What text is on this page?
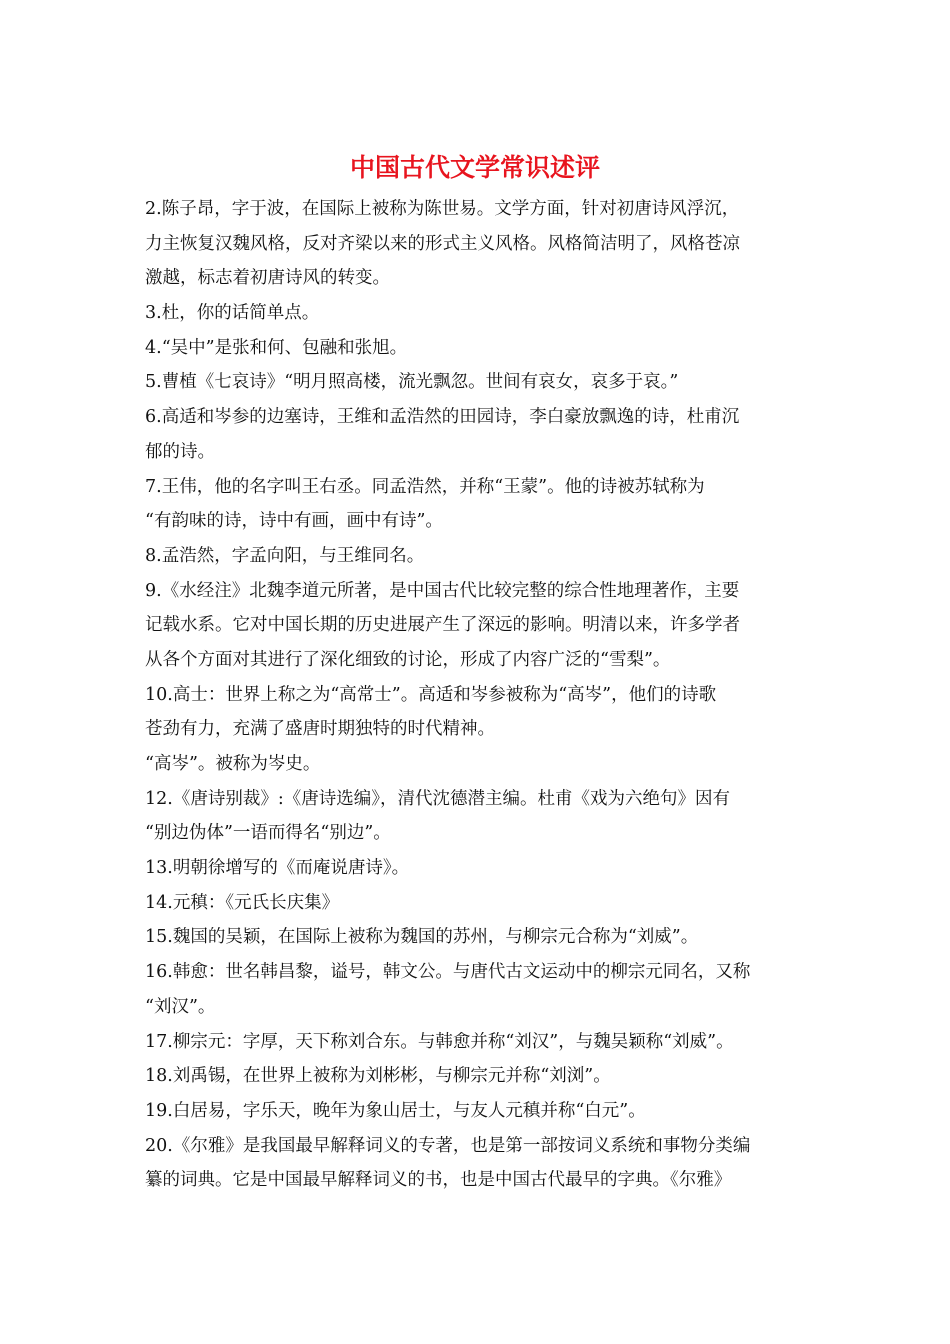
中国古代文学常识述评
2.陈子昂，字于波，在国际上被称为陈世易。文学方面，针对初唐诗风浮沉，
力主恢复汉魏风格，反对齐梁以来的形式主义风格。风格简洁明了，风格苍凉
激越，标志着初唐诗风的转变。
3.杜，你的话简单点。
4.“吴中”是张和何、包融和张旭。
5.曹植《七哀诗》“明月照高楼，流光飘忽。世间有哀女，哀多于哀。”
6.高适和岑参的边塞诗，王维和孟浩然的田园诗，李白豪放飘逸的诗，杜甫沉
郁的诗。
7.王伟，他的名字叫王右丞。同孟浩然，并称“王蒙”。他的诗被苏轼称为
“有韵味的诗，诗中有画，画中有诗”。
8.孟浩然，字孟向阳，与王维同名。
9.《水经注》北魏李道元所著，是中国古代比较完整的综合性地理著作，主要
记载水系。它对中国长期的历史进展产生了深远的影响。明清以来，许多学者
从各个方面对其进行了深化细致的讨论，形成了内容广泛的“雪梨”。
10.高士：世界上称之为“高常士”。高适和岑参被称为“高岑”，他们的诗歌
苍劲有力，充满了盛唐时期独特的时代精神。
“高岑”。被称为岑史。
12.《唐诗别裁》:《唐诗选编》，清代沈德潜主编。杜甫《戏为六绝句》因有
“别边伪体”一语而得名“别边”。
13.明朝徐增写的《而庵说唐诗》。
14.元稹：《元氏长庆集》
15.魏国的吴颖，在国际上被称为魏国的苏州，与柳宗元合称为“刘威”。
16.韩愈：世名韩昌黎，谥号，韩文公。与唐代古文运动中的柳宗元同名，又称
“刘汉”。
17.柳宗元：字厚，天下称刘合东。与韩愈并称“刘汉”，与魏吴颖称“刘威”。
18.刘禹锡，在世界上被称为刘彬彬，与柳宗元并称“刘浏”。
19.白居易，字乐天，晚年为象山居士，与友人元稹并称“白元”。
20.《尔雅》是我国最早解释词义的专著，也是第一部按词义系统和事物分类编
纂的词典。它是中国最早解释词义的书，也是中国古代最早的字典。《尔雅》
